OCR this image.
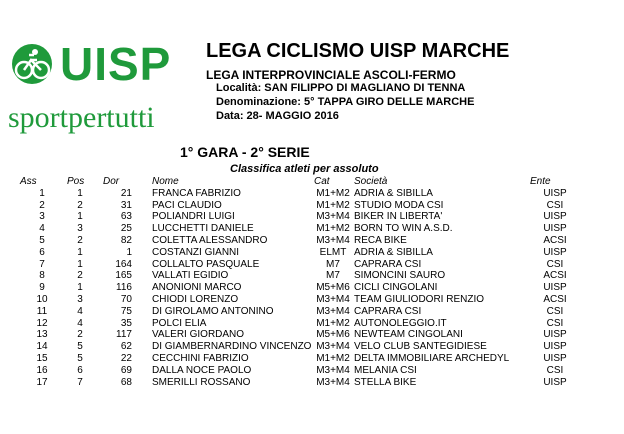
UISP
sportpertutti
LEGA CICLISMO UISP MARCHE
LEGA INTERPROVINCIALE ASCOLI-FERMO
Località: SAN FILIPPO DI MAGLIANO DI TENNA
Denominazione: 5° TAPPA GIRO DELLE MARCHE
Data: 28- MAGGIO 2016
1° GARA - 2° SERIE
Classifica atleti per assoluto
Ass	Pos	Dor	Nome	Cat	Società	Ente
1	1	21 FRANCA FABRIZIO	M1+M2 ADRIA & SIBILLA	UISP
2	2	31 PACI CLAUDIO	M1+M2 STUDIO MODA CSI	CSI
3	1	63 POLIANDRI LUIGI	M3+M4 BIKER IN LIBERTA'	UISP
4	3	25 LUCCHETTI DANIELE	M1+M2 BORN TO WIN A.S.D.	UISP
5	2	82 COLETTA ALESSANDRO	M3+M4 RECA BIKE	ACSI
6	1	1 COSTANZI GIANNI	ELMT ADRIA & SIBILLA	UISP
7	1	164 COLLALTO PASQUALE	M7	CAPRARA CSI	CSI
8	2	165 VALLATI EGIDIO	M7	SIMONCINI SAURO	ACSI
9	1	116 ANONIONI MARCO	M5+M6 CICLI CINGOLANI	UISP
10	3	70 CHIODI LORENZO	M3+M4 TEAM GIULIODORI RENZIO	ACSI
11	4	75 DI GIROLAMO ANTONINO	M3+M4 CAPRARA CSI	CSI
12	4	35 POLCI ELIA	M1+M2 AUTONOLEGGIO.IT	CSI
13	2	117 VALERI GIORDANO	M5+M6 NEWTEAM CINGOLANI	UISP
14	5	62 DI GIAMBERNARDINO VINCENZO M3+M4 VELO CLUB SANTEGIDIESE	UISP
15	5	22 CECCHINI FABRIZIO	M1+M2 DELTA IMMOBILIARE ARCHEDYL	UISP
16	6	69 DALLA NOCE PAOLO	M3+M4 MELANIA CSI	CSI
17	7	68 SMERILLI ROSSANO	M3+M4 STELLA BIKE	UISP
